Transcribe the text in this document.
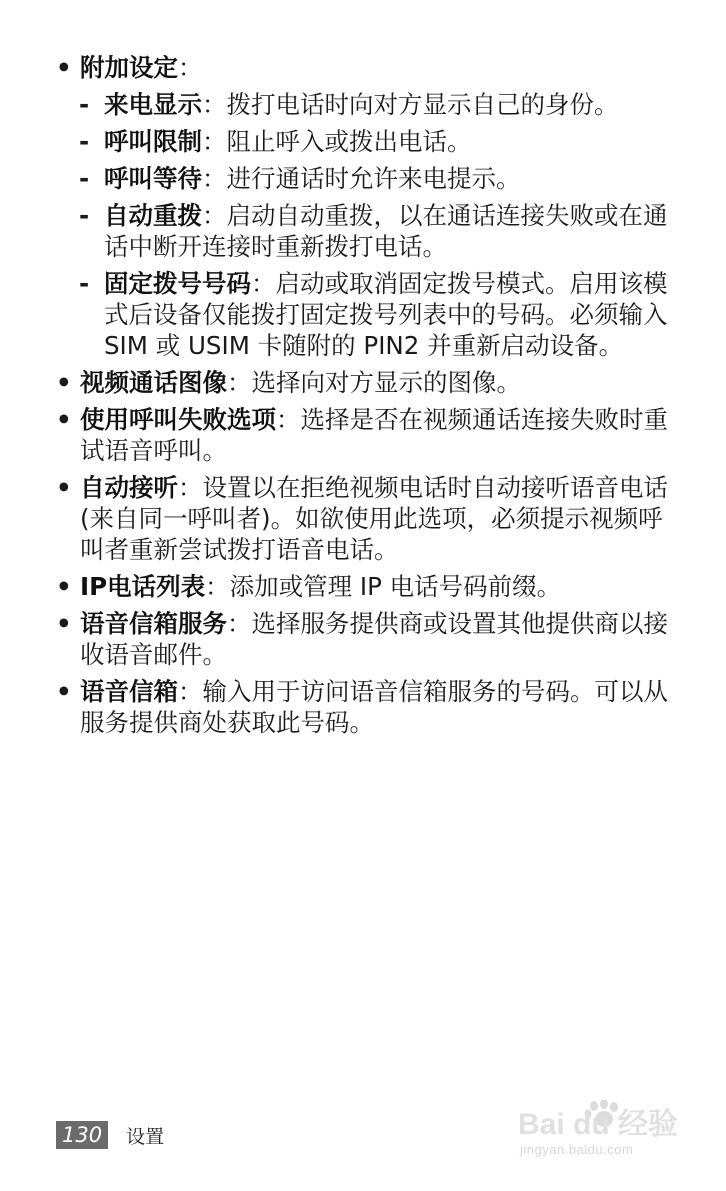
• 附加设定：
- 来电显示：拨打电话时向对方显示自己的身份。
- 呼叫限制：阻止呼入或拨出电话。
- 呼叫等待：进行通话时允许来电提示。
- 自动重拨：启动自动重拨，以在通话连接失败或在通话中断开连接时重新拨打电话。
- 固定拨号号码：启动或取消固定拨号模式。启用该模式后设备仅能拨打固定拨号列表中的号码。必须输入 SIM 或 USIM 卡随附的 PIN2 并重新启动设备。
• 视频通话图像：选择向对方显示的图像。
• 使用呼叫失败选项：选择是否在视频通话连接失败时重试语音呼叫。
• 自动接听：设置以在拒绝视频电话时自动接听语音电话 (来自同一呼叫者)。如欲使用此选项，必须提示视频呼叫者重新尝试拨打语音电话。
• IP电话列表：添加或管理 IP 电话号码前缀。
• 语音信箱服务：选择服务提供商或设置其他提供商以接收语音邮件。
• 语音信箱：输入用于访问语音信箱服务的号码。可以从服务提供商处获取此号码。
130	设置	Bai du 经验
jingyan.baidu.com
